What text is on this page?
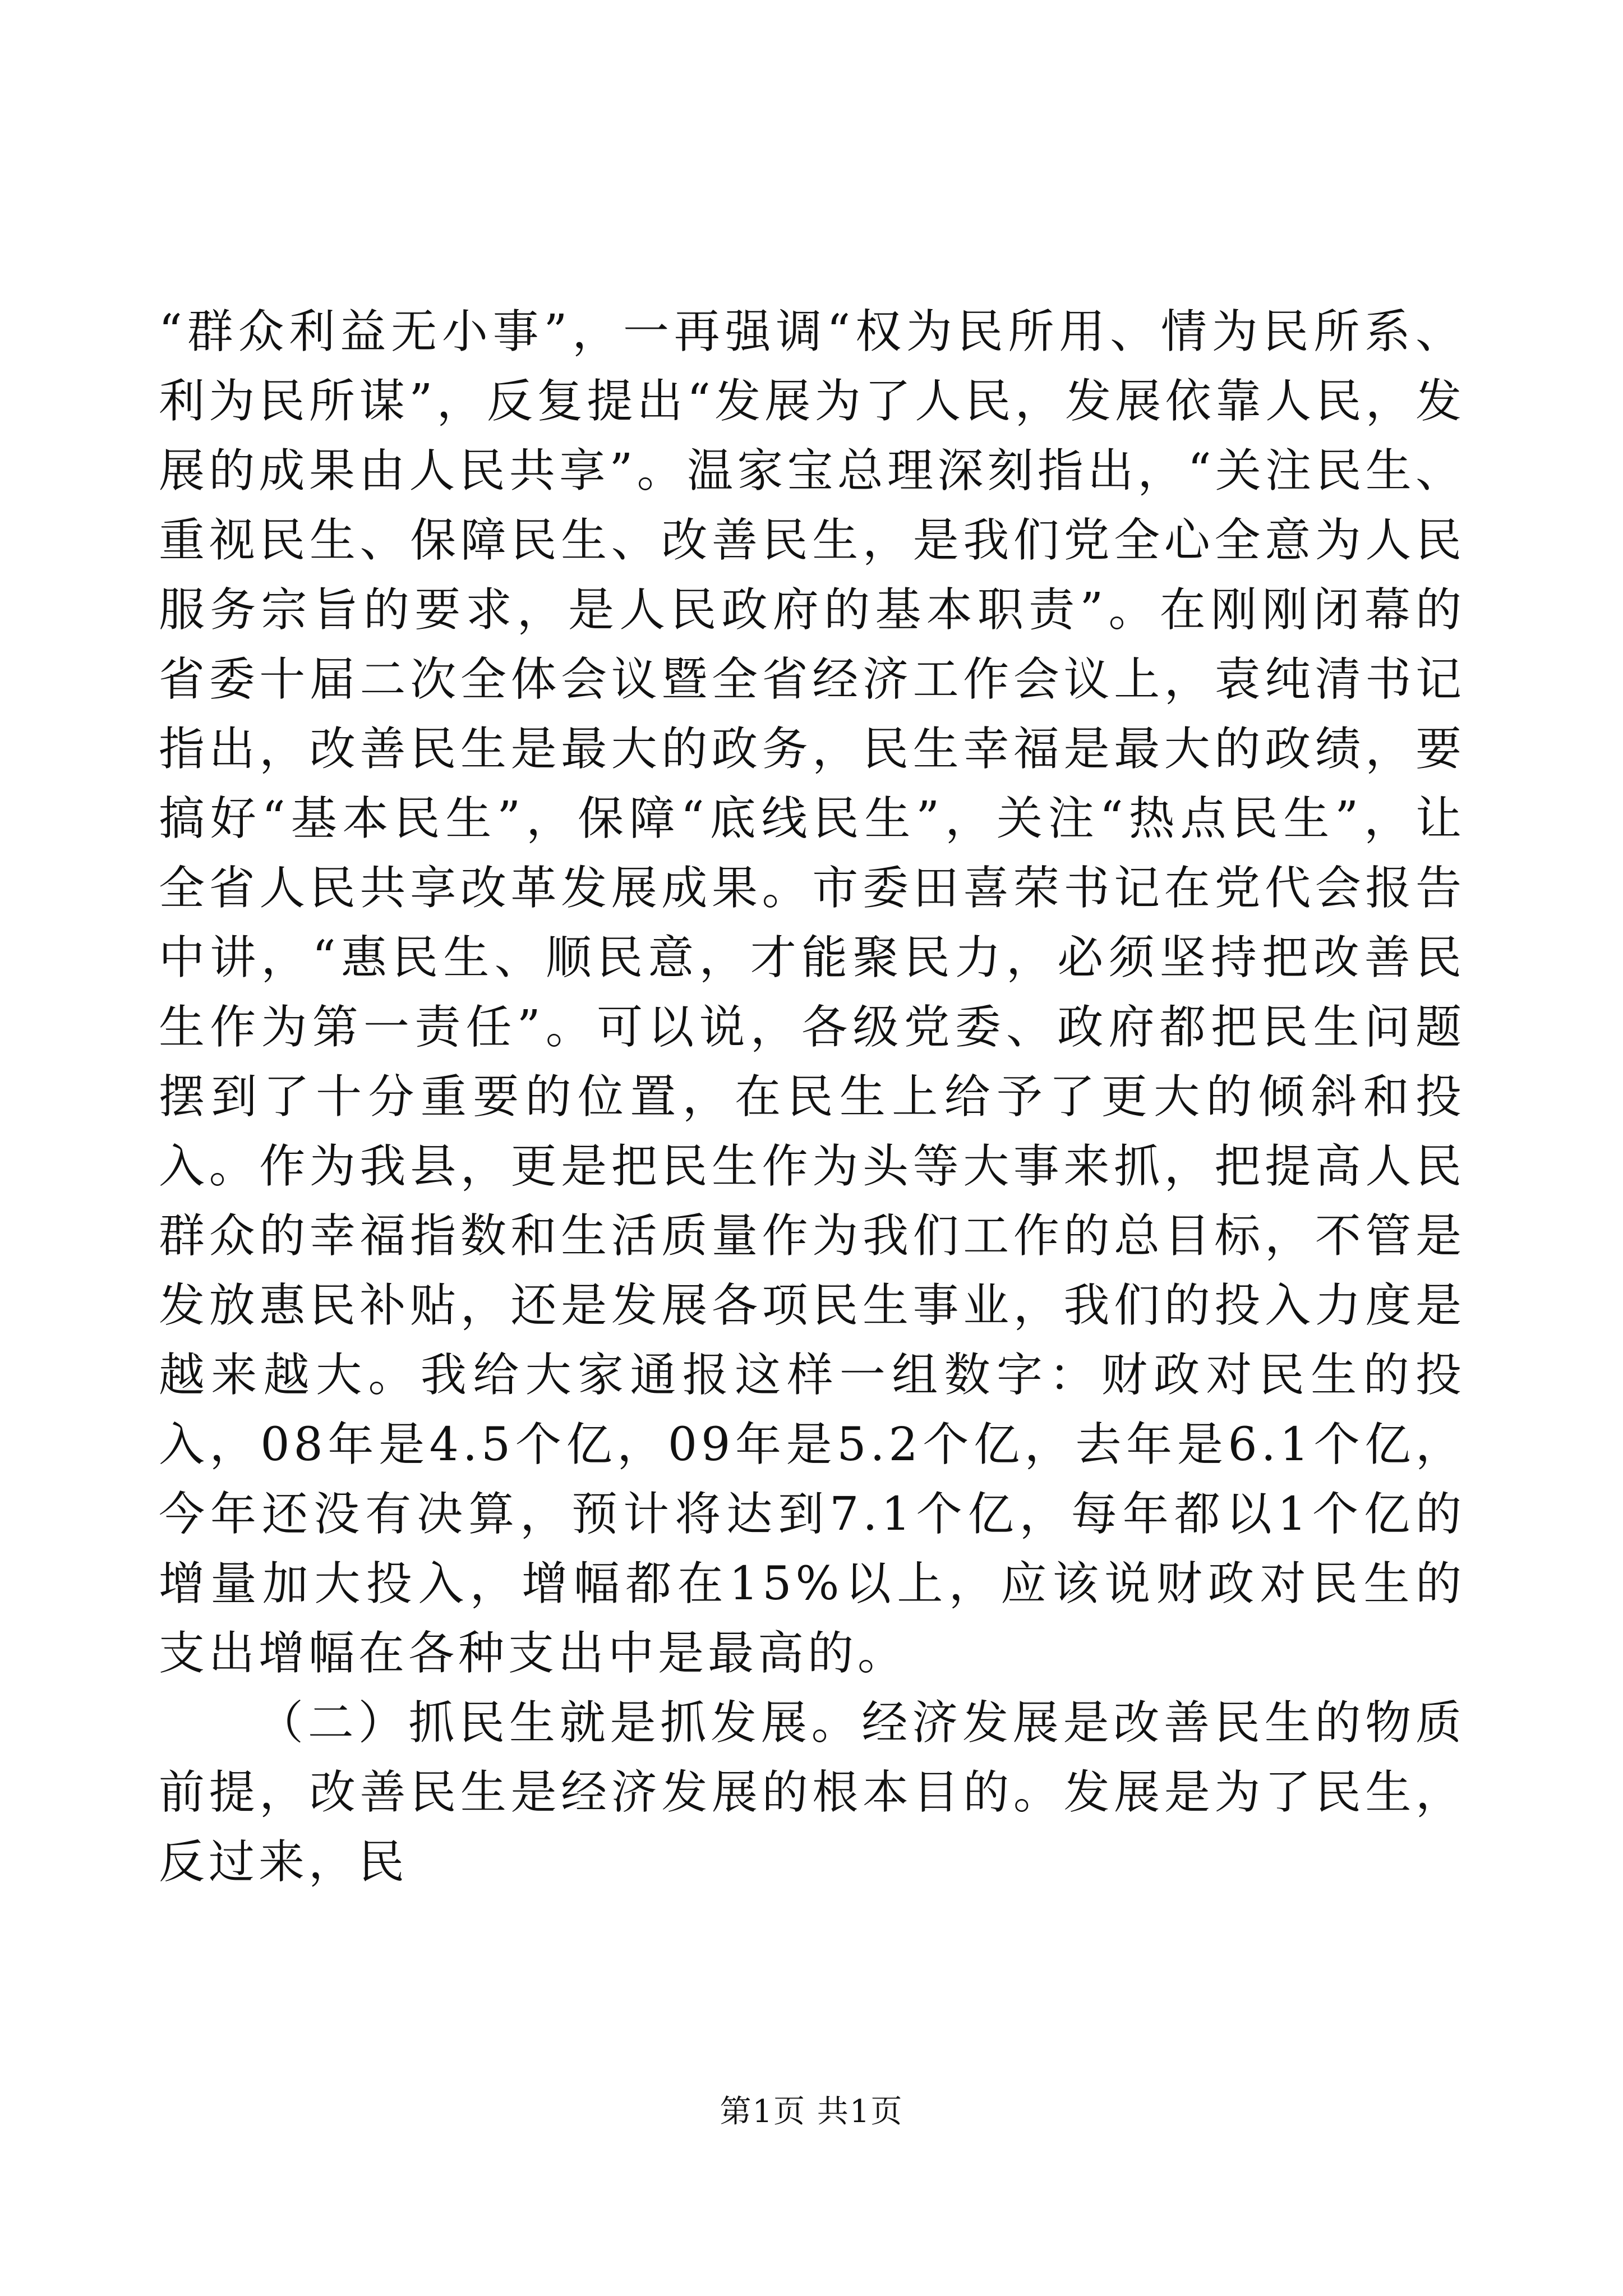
“群众利益无小事”，一再强调“权为民所用、情为民所系、利为民所谋”，反复提出“发展为了人民，发展依靠人民，发展的成果由人民共享”。温家宝总理深刻指出，“关注民生、重视民生、保障民生、改善民生，是我们党全心全意为人民服务宗旨的要求，是人民政府的基本职责”。在刚刚闭幕的省委十届二次全体会议暨全省经济工作会议上，袁纯清书记指出，改善民生是最大的政务，民生幸福是最大的政绩，要搞好“基本民生”，保障“底线民生”，关注“热点民生”，让全省人民共享改革发展成果。市委田喜荣书记在党代会报告中讲，“惠民生、顺民意，才能聚民力，必须坚持把改善民生作为第一责任”。可以说，各级党委、政府都把民生问题摆到了十分重要的位置，在民生上给予了更大的倾斜和投入。作为我县，更是把民生作为头等大事来抓，把提高人民群众的幸福指数和生活质量作为我们工作的总目标，不管是发放惠民补贴，还是发展各项民生事业，我们的投入力度是越来越大。我给大家通报这样一组数字：财政对民生的投入，08年是4.5个亿，09年是5.2个亿，去年是6.1个亿，今年还没有决算，预计将达到7.1个亿，每年都以1个亿的增量加大投入，增幅都在15%以上，应该说财政对民生的支出增幅在各种支出中是最高的。

（二）抓民生就是抓发展。经济发展是改善民生的物质前提，改善民生是经济发展的根本目的。发展是为了民生，反过来，民

第1页 共1页
